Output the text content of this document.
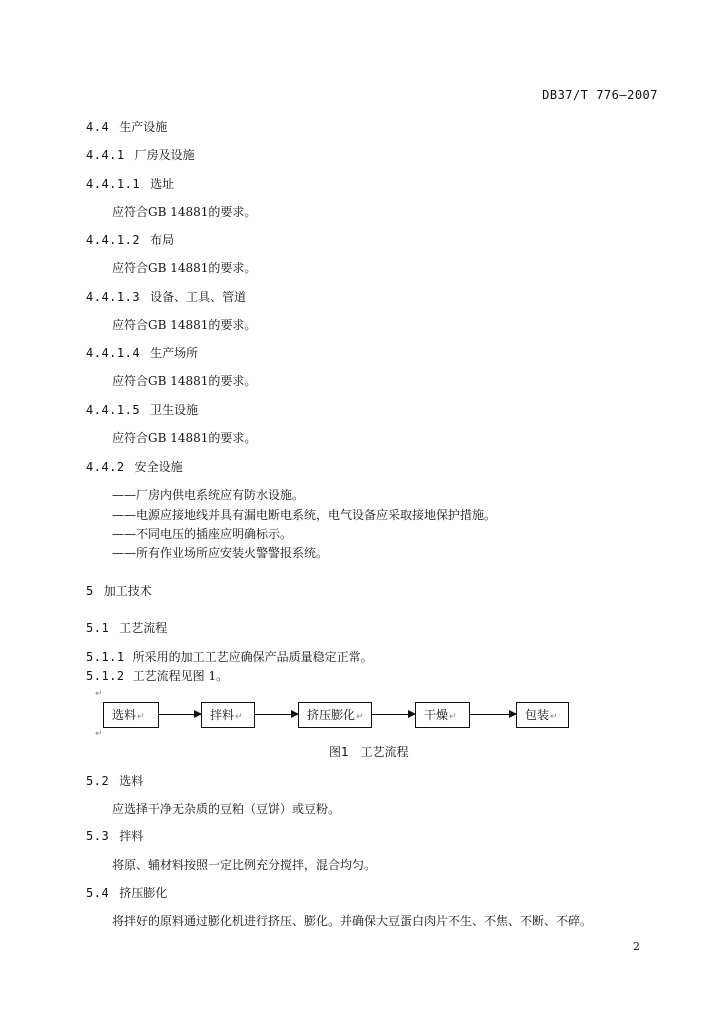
DB37/T 776—2007
4.4 生产设施
4.4.1 厂房及设施
4.4.1.1 选址
应符合GB 14881的要求。
4.4.1.2 布局
应符合GB 14881的要求。
4.4.1.3 设备、工具、管道
应符合GB 14881的要求。
4.4.1.4 生产场所
应符合GB 14881的要求。
4.4.1.5 卫生设施
应符合GB 14881的要求。
4.4.2 安全设施
——厂房内供电系统应有防水设施。
——电源应接地线并具有漏电断电系统，电气设备应采取接地保护措施。
——不同电压的插座应明确标示。
——所有作业场所应安装火警警报系统。
5 加工技术
5.1 工艺流程
5.1.1 所采用的加工工艺应确保产品质量稳定正常。
5.1.2 工艺流程见图 1。
↵
选料↵	拌料↵	挤压膨化↵	干燥↵	包装↵
↵
图1　工艺流程
5.2 选料
应选择干净无杂质的豆粕（豆饼）或豆粉。
5.3 拌料
将原、辅材料按照一定比例充分搅拌，混合均匀。
5.4 挤压膨化
将拌好的原料通过膨化机进行挤压、膨化。并确保大豆蛋白肉片不生、不焦、不断、不碎。
2
